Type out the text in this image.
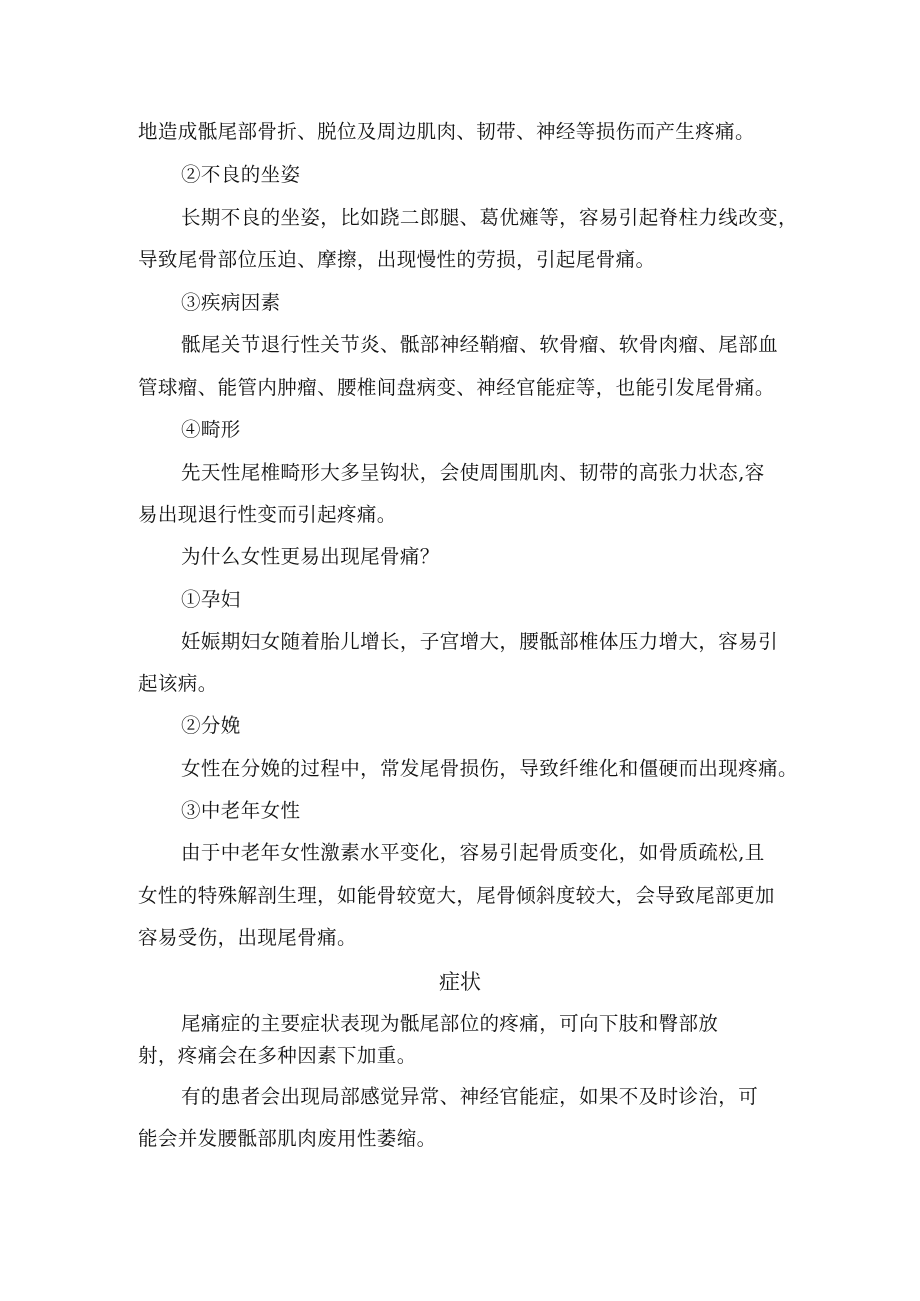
地造成骶尾部骨折、脱位及周边肌肉、韧带、神经等损伤而产生疼痛。
②不良的坐姿
长期不良的坐姿，比如跷二郎腿、葛优瘫等，容易引起脊柱力线改变，
导致尾骨部位压迫、摩擦，出现慢性的劳损，引起尾骨痛。
③疾病因素
骶尾关节退行性关节炎、骶部神经鞘瘤、软骨瘤、软骨肉瘤、尾部血
管球瘤、能管内肿瘤、腰椎间盘病变、神经官能症等，也能引发尾骨痛。
④畸形
先天性尾椎畸形大多呈钩状，会使周围肌肉、韧带的高张力状态,容
易出现退行性变而引起疼痛。
为什么女性更易出现尾骨痛？
①孕妇
妊娠期妇女随着胎儿增长，子宫增大，腰骶部椎体压力增大，容易引
起该病。
②分娩
女性在分娩的过程中，常发尾骨损伤，导致纤维化和僵硬而出现疼痛。
③中老年女性
由于中老年女性激素水平变化，容易引起骨质变化，如骨质疏松,且
女性的特殊解剖生理，如能骨较宽大，尾骨倾斜度较大，会导致尾部更加
容易受伤，出现尾骨痛。
症状
尾痛症的主要症状表现为骶尾部位的疼痛，可向下肢和臀部放
射，疼痛会在多种因素下加重。
有的患者会出现局部感觉异常、神经官能症，如果不及时诊治，可
能会并发腰骶部肌肉废用性萎缩。
